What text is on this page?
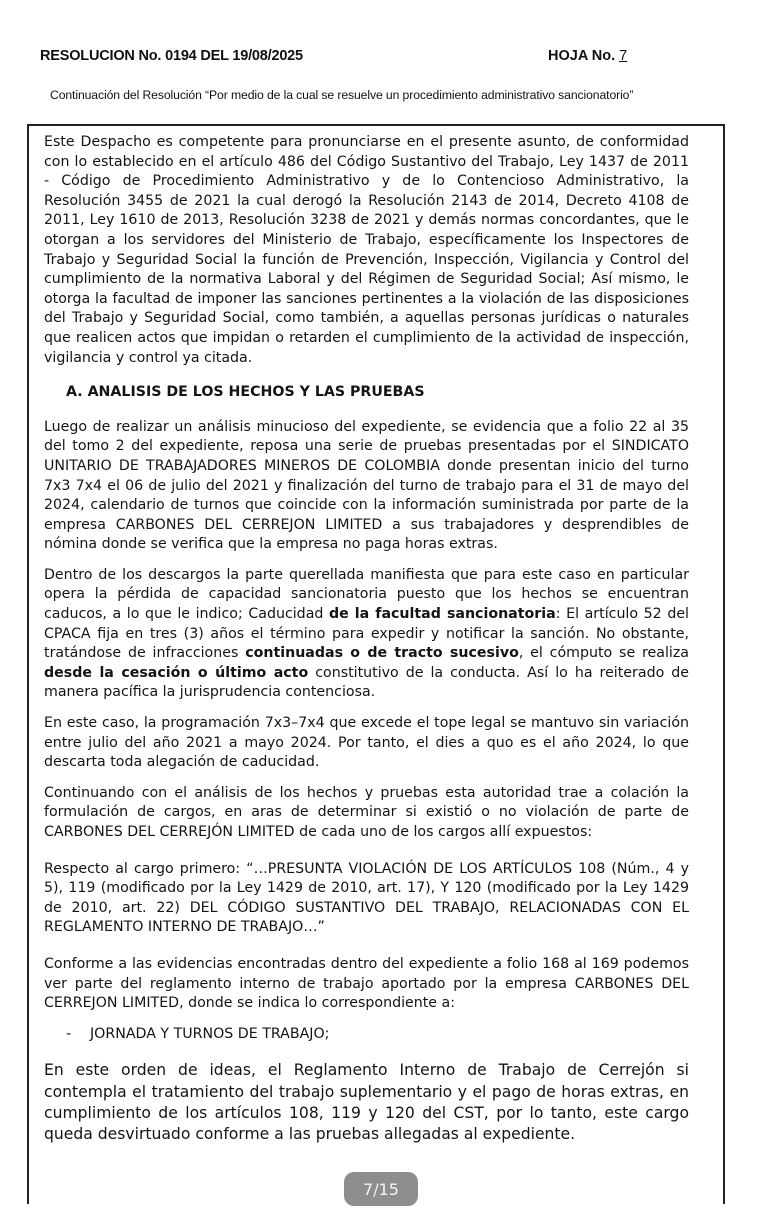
RESOLUCION No. 0194 DEL 19/08/2025	HOJA No. 7
Continuación del Resolución “Por medio de la cual se resuelve un procedimiento administrativo sancionatorio”

Este Despacho es competente para pronunciarse en el presente asunto, de conformidad con lo establecido en el artículo 486 del Código Sustantivo del Trabajo, Ley 1437 de 2011 - Código de Procedimiento Administrativo y de lo Contencioso Administrativo, la Resolución 3455 de 2021 la cual derogó la Resolución 2143 de 2014, Decreto 4108 de 2011, Ley 1610 de 2013, Resolución 3238 de 2021 y demás normas concordantes, que le otorgan a los servidores del Ministerio de Trabajo, específicamente los Inspectores de Trabajo y Seguridad Social la función de Prevención, Inspección, Vigilancia y Control del cumplimiento de la normativa Laboral y del Régimen de Seguridad Social; Así mismo, le otorga la facultad de imponer las sanciones pertinentes a la violación de las disposiciones del Trabajo y Seguridad Social, como también, a aquellas personas jurídicas o naturales que realicen actos que impidan o retarden el cumplimiento de la actividad de inspección, vigilancia y control ya citada.

A. ANALISIS DE LOS HECHOS Y LAS PRUEBAS

Luego de realizar un análisis minucioso del expediente, se evidencia que a folio 22 al 35 del tomo 2 del expediente, reposa una serie de pruebas presentadas por el SINDICATO UNITARIO DE TRABAJADORES MINEROS DE COLOMBIA donde presentan inicio del turno 7x3 7x4 el 06 de julio del 2021 y finalización del turno de trabajo para el 31 de mayo del 2024, calendario de turnos que coincide con la información suministrada por parte de la empresa CARBONES DEL CERREJON LIMITED a sus trabajadores y desprendibles de nómina donde se verifica que la empresa no paga horas extras.

Dentro de los descargos la parte querellada manifiesta que para este caso en particular opera la pérdida de capacidad sancionatoria puesto que los hechos se encuentran caducos, a lo que le indico; Caducidad de la facultad sancionatoria: El artículo 52 del CPACA fija en tres (3) años el término para expedir y notificar la sanción. No obstante, tratándose de infracciones continuadas o de tracto sucesivo, el cómputo se realiza desde la cesación o último acto constitutivo de la conducta. Así lo ha reiterado de manera pacífica la jurisprudencia contenciosa.

En este caso, la programación 7x3–7x4 que excede el tope legal se mantuvo sin variación entre julio del año 2021 a mayo 2024. Por tanto, el dies a quo es el año 2024, lo que descarta toda alegación de caducidad.

Continuando con el análisis de los hechos y pruebas esta autoridad trae a colación la formulación de cargos, en aras de determinar si existió o no violación de parte de CARBONES DEL CERREJÓN LIMITED de cada uno de los cargos allí expuestos:

Respecto al cargo primero: “…PRESUNTA VIOLACIÓN DE LOS ARTÍCULOS 108 (Núm., 4 y 5), 119 (modificado por la Ley 1429 de 2010, art. 17), Y 120 (modificado por la Ley 1429 de 2010, art. 22) DEL CÓDIGO SUSTANTIVO DEL TRABAJO, RELACIONADAS CON EL REGLAMENTO INTERNO DE TRABAJO…”

Conforme a las evidencias encontradas dentro del expediente a folio 168 al 169 podemos ver parte del reglamento interno de trabajo aportado por la empresa CARBONES DEL CERREJON LIMITED, donde se indica lo correspondiente a:

- JORNADA Y TURNOS DE TRABAJO;

En este orden de ideas, el Reglamento Interno de Trabajo de Cerrejón si contempla el tratamiento del trabajo suplementario y el pago de horas extras, en cumplimiento de los artículos 108, 119 y 120 del CST, por lo tanto, este cargo queda desvirtuado conforme a las pruebas allegadas al expediente.

7/15
